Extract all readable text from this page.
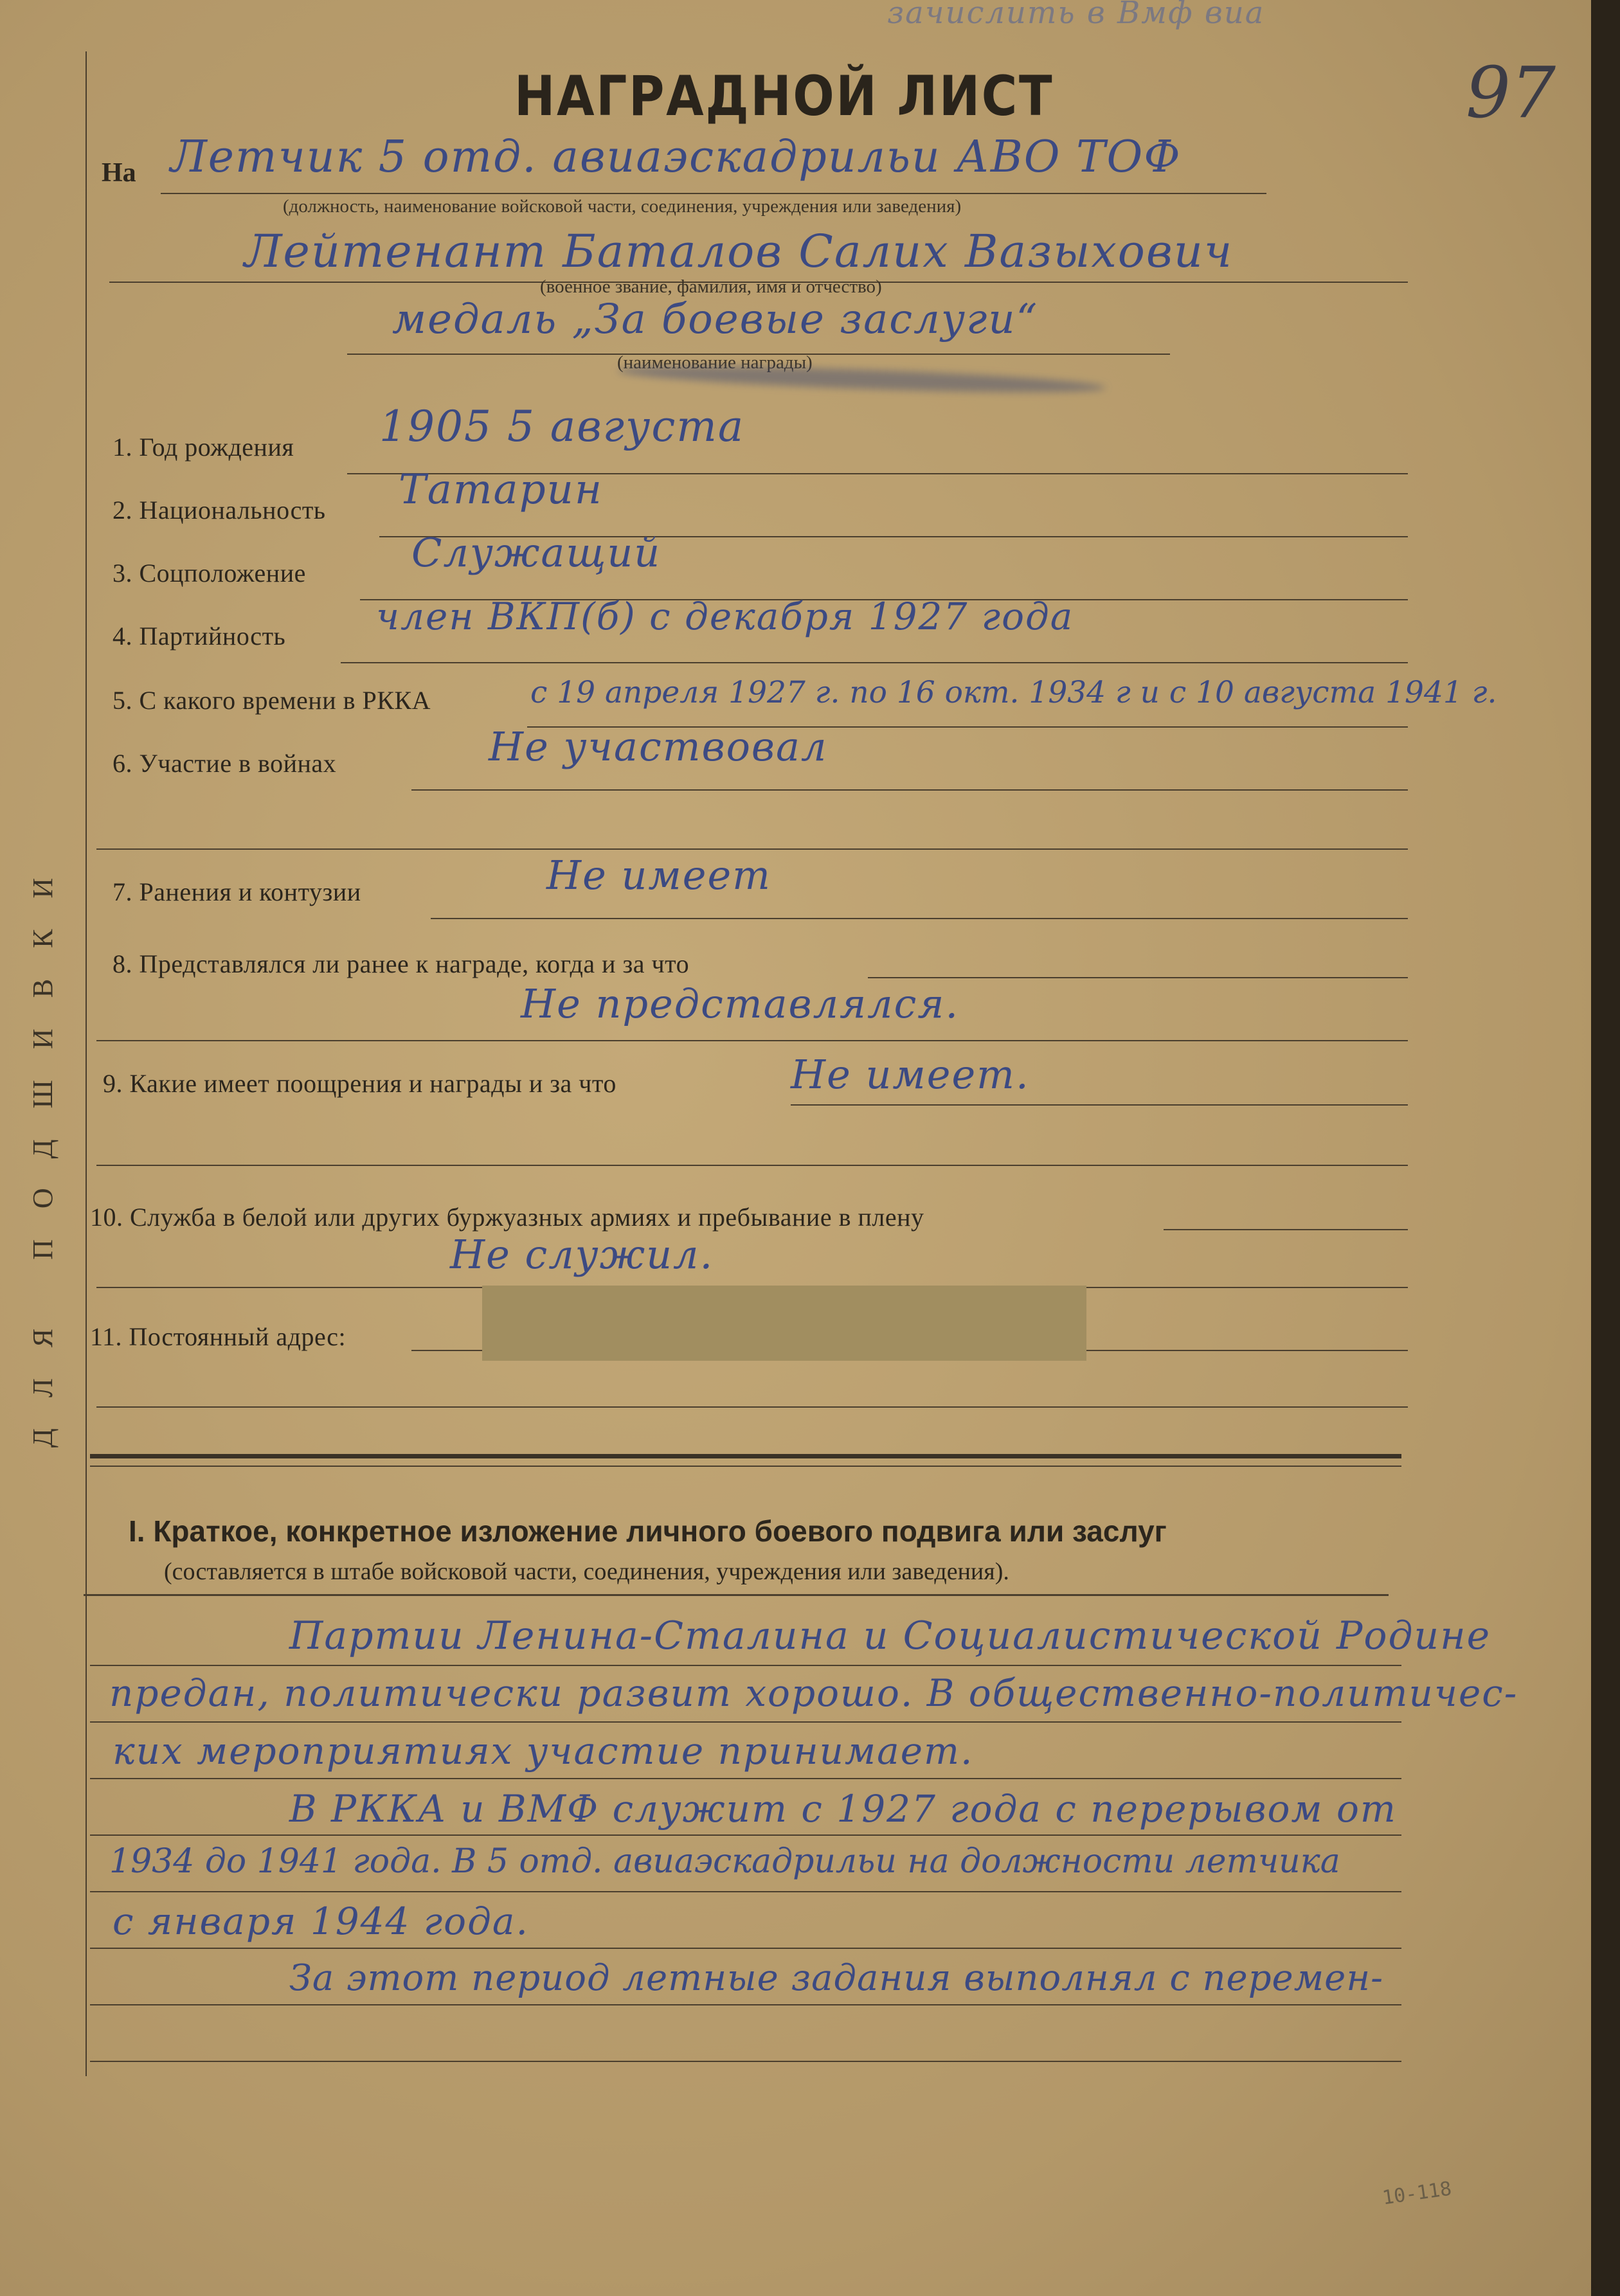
зачислить в Вмф виа
97
НАГРАДНОЙ ЛИСТ
ДЛЯ ПОДШИВКИ
На Летчик 5 отд. авиаэскадрильи АВО ТОФ
(должность, наименование войсковой части, соединения, учреждения или заведения)
Лейтенант Баталов Салих Вазыхович
(военное звание, фамилия, имя и отчество)
медаль „За боевые заслуги“
(наименование награды)
1. Год рождения 1905 5 августа
2. Национальность Татарин
3. Соцположение	Служащий
4. Партийность член ВКП(б) с декабря 1927 года
5. С какого времени в РККА	с 19 апреля 1927 г. по 16 окт. 1934 г и с 10 августа 1941 г.
6. Участие в войнах	Не участвовал
7. Ранения и контузии	Не имеет
8. Представлялся ли ранее к награде, когда и за что
Не представлялся.
9. Какие имеет поощрения и награды и за что	Не имеет.
10. Служба в белой или других буржуазных армиях и пребывание в плену
Не служил.
11. Постоянный адрес:
I. Краткое, конкретное изложение личного боевого подвига или заслуг
(составляется в штабе войсковой части, соединения, учреждения или заведения).
Партии Ленина-Сталина и Социалистической Родине
предан, политически развит хорошо. В общественно-политичес-
ких мероприятиях участие принимает.
В РККА и ВМФ служит с 1927 года с перерывом от
1934 до 1941 года. В 5 отд. авиаэскадрильи на должности летчика
с января 1944 года.
За этот период летные задания выполнял с перемен-
10-118
